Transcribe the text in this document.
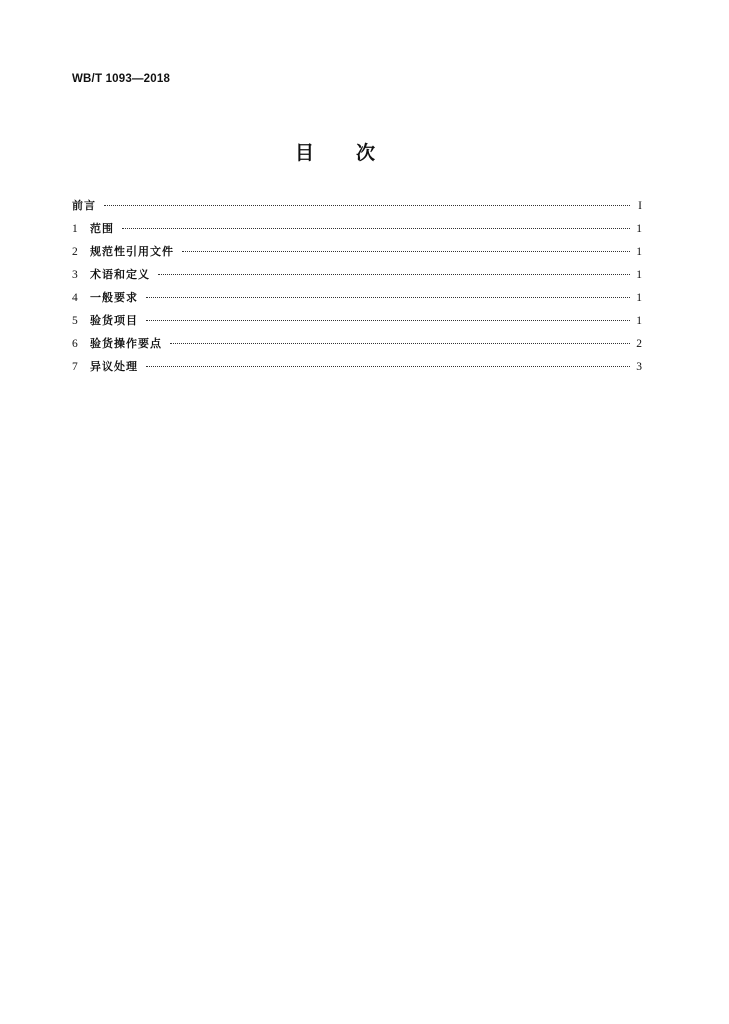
WB/T 1093—2018
目次
前言	I
1	范围	1
2	规范性引用文件	1
3	术语和定义	1
4	一般要求	1
5	验货项目	1
6	验货操作要点	2
7	异议处理	3
